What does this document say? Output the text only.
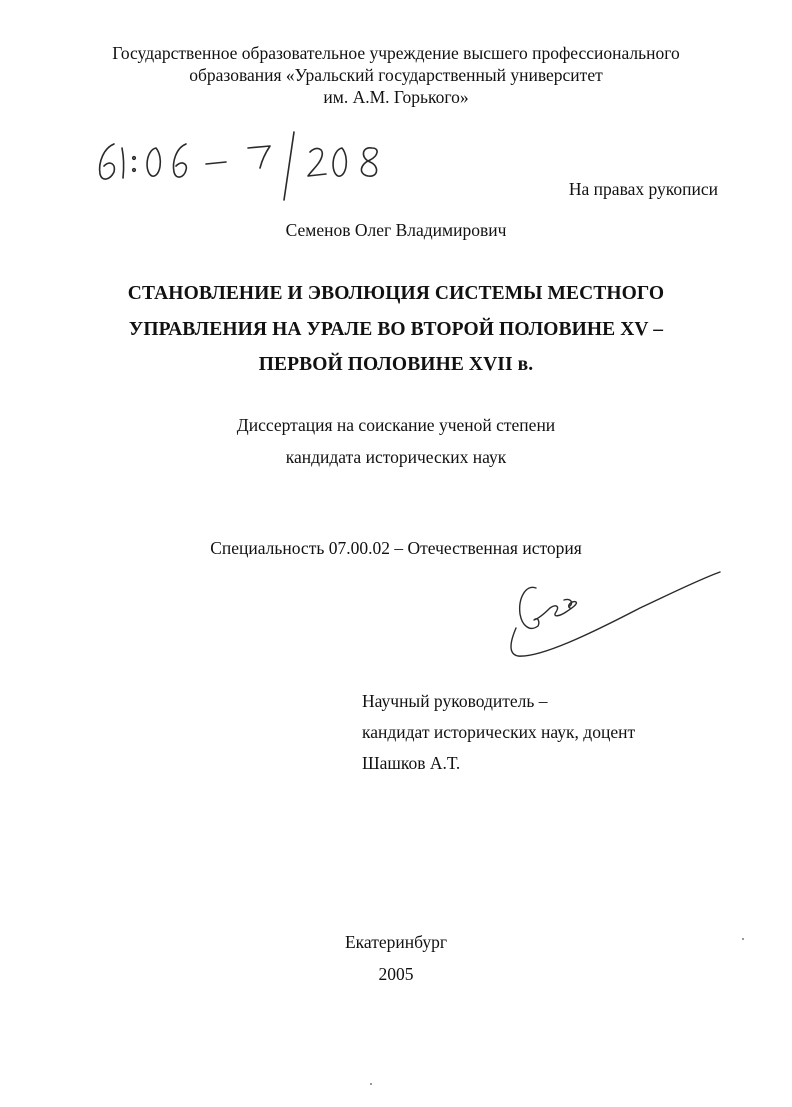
Государственное образовательное учреждение высшего профессионального
образования «Уральский государственный университет
им. А.М. Горького»
На правах рукописи
Семенов Олег Владимирович
СТАНОВЛЕНИЕ И ЭВОЛЮЦИЯ СИСТЕМЫ МЕСТНОГО
УПРАВЛЕНИЯ НА УРАЛЕ ВО ВТОРОЙ ПОЛОВИНЕ XV –
ПЕРВОЙ ПОЛОВИНЕ XVII в.
Диссертация на соискание ученой степени
кандидата исторических наук
Специальность 07.00.02 – Отечественная история
Научный руководитель –
кандидат исторических наук, доцент
Шашков А.Т.
Екатеринбург
2005
